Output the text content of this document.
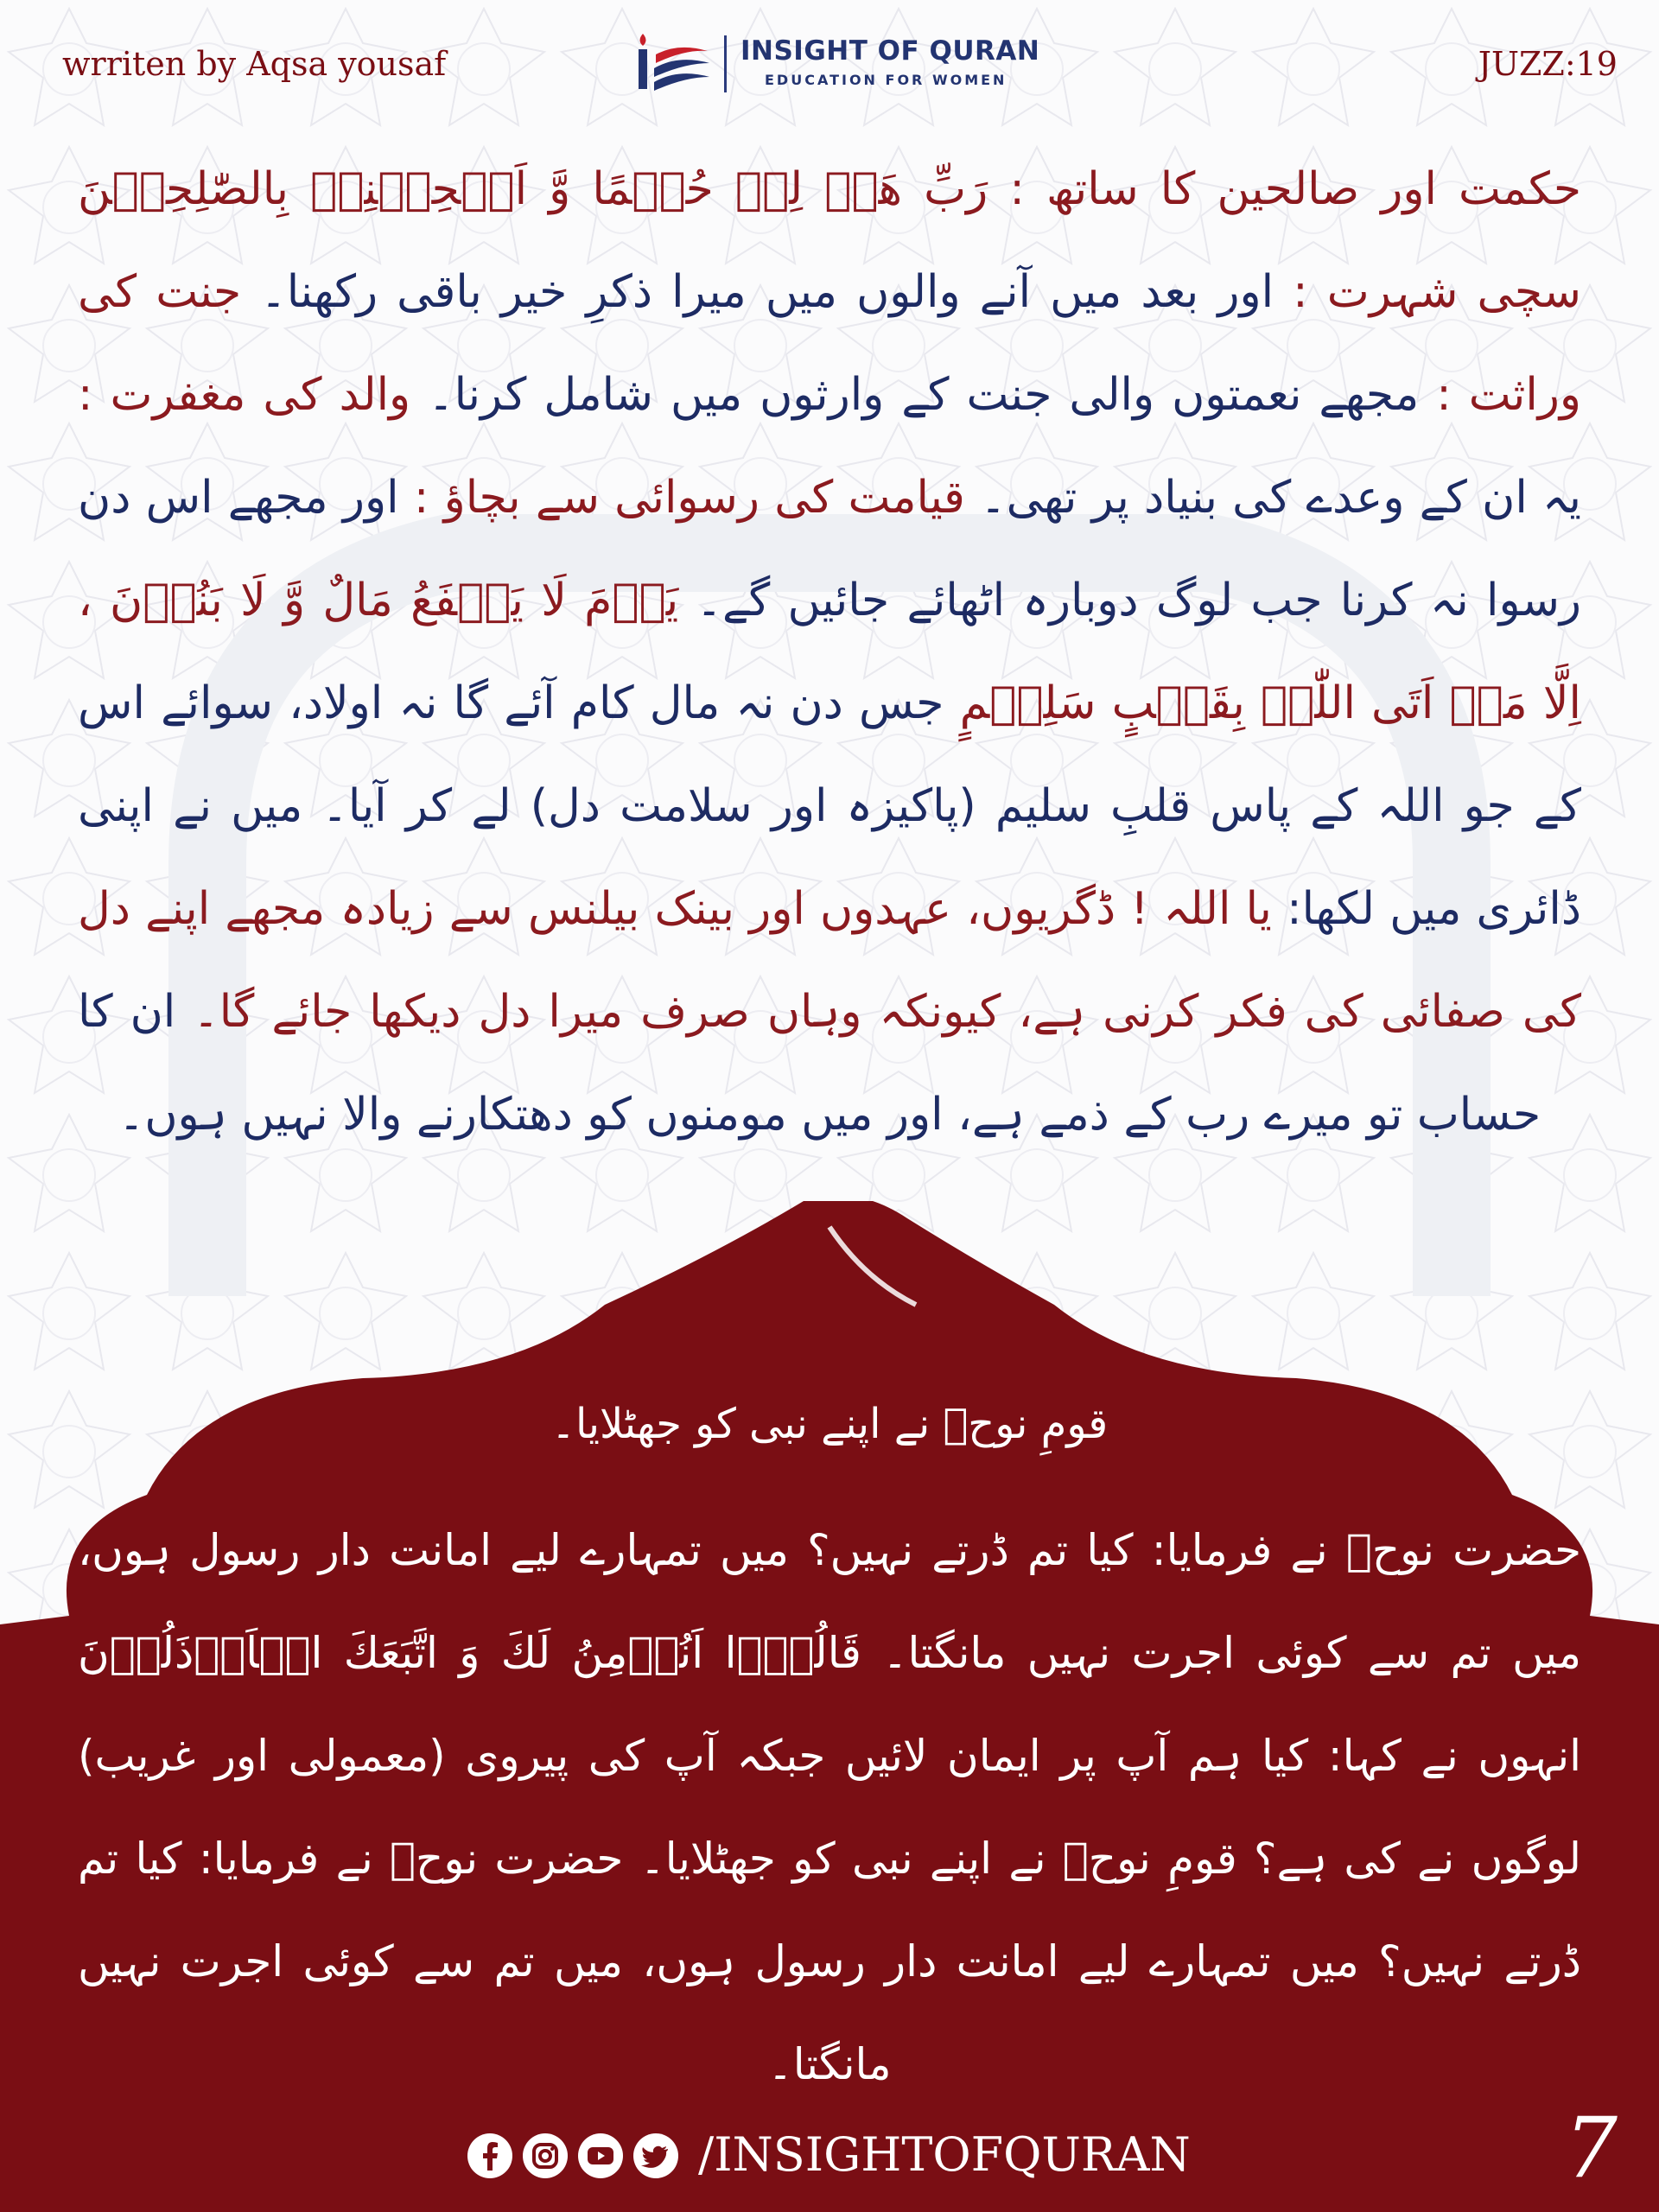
wrriten by Aqsa yousaf	INSIGHT OF QURAN
EDUCATION FOR WOMEN	JUZZ:19
حکمت اور صالحین کا ساتھ : رَبِّ هَبۡ لِیۡ حُكۡمًا وَّ اَلۡحِقۡنِیۡ بِالصّٰلِحِیۡنَ سچی شہرت : اور بعد میں آنے والوں میں میرا ذکرِ خیر باقی رکھنا۔ جنت کی وراثت : مجھے نعمتوں والی جنت کے وارثوں میں شامل کرنا۔ والد کی مغفرت : یہ ان کے وعدے کی بنیاد پر تھی۔ قیامت کی رسوائی سے بچاؤ : اور مجھے اس دن رسوا نہ کرنا جب لوگ دوبارہ اٹھائے جائیں گے۔ یَوۡمَ لَا یَنۡفَعُ مَالٌ وَّ لَا بَنُوۡنَ ، اِلَّا مَنۡ اَتَی اللّٰہَ بِقَلۡبٍ سَلِیۡمٍ جس دن نہ مال کام آئے گا نہ اولاد، سوائے اس کے جو اللہ کے پاس قلبِ سلیم (پاکیزہ اور سلامت دل) لے کر آیا۔ میں نے اپنی ڈائری میں لکھا: یا اللہ ! ڈگریوں، عہدوں اور بینک بیلنس سے زیادہ مجھے اپنے دل کی صفائی کی فکر کرنی ہے، کیونکہ وہاں صرف میرا دل دیکھا جائے گا۔ ان کا حساب تو میرے رب کے ذمے ہے، اور میں مومنوں کو دھتکارنے والا نہیں ہوں۔
قومِ نوحؑ نے اپنے نبی کو جھٹلایا۔
حضرت نوحؑ نے فرمایا: کیا تم ڈرتے نہیں؟ میں تمہارے لیے امانت دار رسول ہوں، میں تم سے کوئی اجرت نہیں مانگتا۔ قَالُوۡۤا اَنُؤۡمِنُ لَكَ وَ اتَّبَعَكَ الۡاَرۡذَلُوۡنَ انہوں نے کہا: کیا ہم آپ پر ایمان لائیں جبکہ آپ کی پیروی (معمولی اور غریب) لوگوں نے کی ہے؟ قومِ نوحؑ نے اپنے نبی کو جھٹلایا۔ حضرت نوحؑ نے فرمایا: کیا تم ڈرتے نہیں؟ میں تمہارے لیے امانت دار رسول ہوں، میں تم سے کوئی اجرت نہیں مانگتا۔
/INSIGHTOFQURAN	7
